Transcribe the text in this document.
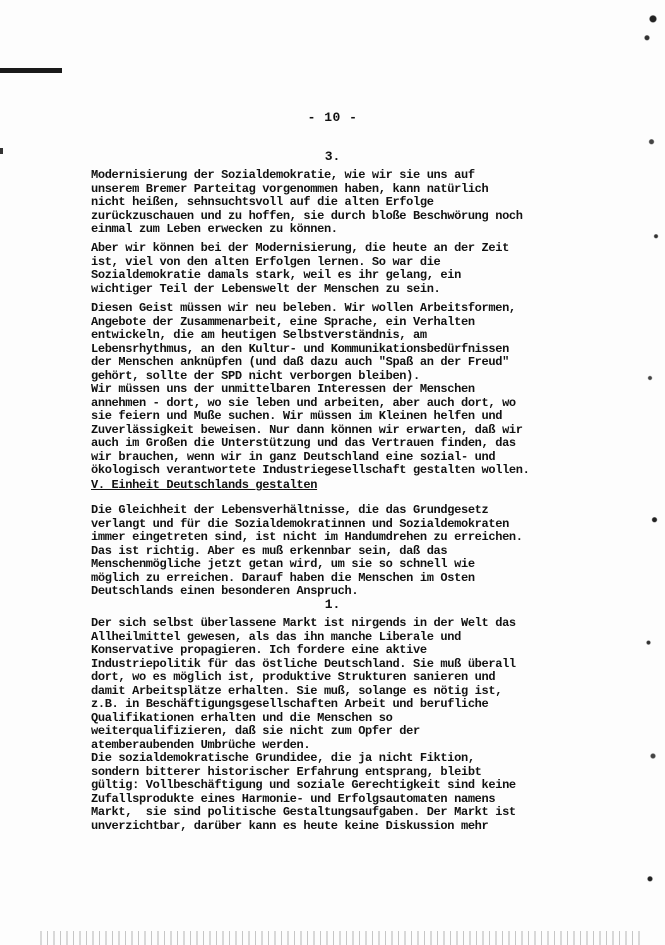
- 10 -
3.

Modernisierung der Sozialdemokratie, wie wir sie uns auf
unserem Bremer Parteitag vorgenommen haben, kann natürlich
nicht heißen, sehnsuchtsvoll auf die alten Erfolge
zurückzuschauen und zu hoffen, sie durch bloße Beschwörung noch
einmal zum Leben erwecken zu können.

Aber wir können bei der Modernisierung, die heute an der Zeit
ist, viel von den alten Erfolgen lernen. So war die
Sozialdemokratie damals stark, weil es ihr gelang, ein
wichtiger Teil der Lebenswelt der Menschen zu sein.

Diesen Geist müssen wir neu beleben. Wir wollen Arbeitsformen,
Angebote der Zusammenarbeit, eine Sprache, ein Verhalten
entwickeln, die am heutigen Selbstverständnis, am
Lebensrhythmus, an den Kultur- und Kommunikationsbedürfnissen
der Menschen anknüpfen (und daß dazu auch "Spaß an der Freud"
gehört, sollte der SPD nicht verborgen bleiben).

Wir müssen uns der unmittelbaren Interessen der Menschen
annehmen - dort, wo sie leben und arbeiten, aber auch dort, wo
sie feiern und Muße suchen. Wir müssen im Kleinen helfen und
Zuverlässigkeit beweisen. Nur dann können wir erwarten, daß wir
auch im Großen die Unterstützung und das Vertrauen finden, das
wir brauchen, wenn wir in ganz Deutschland eine sozial- und
ökologisch verantwortete Industriegesellschaft gestalten wollen.

V. Einheit Deutschlands gestalten

Die Gleichheit der Lebensverhältnisse, die das Grundgesetz
verlangt und für die Sozialdemokratinnen und Sozialdemokraten
immer eingetreten sind, ist nicht im Handumdrehen zu erreichen.
Das ist richtig. Aber es muß erkennbar sein, daß das
Menschenmögliche jetzt getan wird, um sie so schnell wie
möglich zu erreichen. Darauf haben die Menschen im Osten
Deutschlands einen besonderen Anspruch.

1.

Der sich selbst überlassene Markt ist nirgends in der Welt das
Allheilmittel gewesen, als das ihn manche Liberale und
Konservative propagieren. Ich fordere eine aktive
Industriepolitik für das östliche Deutschland. Sie muß überall
dort, wo es möglich ist, produktive Strukturen sanieren und
damit Arbeitsplätze erhalten. Sie muß, solange es nötig ist,
z.B. in Beschäftigungsgesellschaften Arbeit und berufliche
Qualifikationen erhalten und die Menschen so
weiterqualifizieren, daß sie nicht zum Opfer der
atemberaubenden Umbrüche werden.

Die sozialdemokratische Grundidee, die ja nicht Fiktion,
sondern bitterer historischer Erfahrung entsprang, bleibt
gültig: Vollbeschäftigung und soziale Gerechtigkeit sind keine
Zufallsprodukte eines Harmonie- und Erfolgsautomaten namens
Markt,  sie sind politische Gestaltungsaufgaben. Der Markt ist
unverzichtbar, darüber kann es heute keine Diskussion mehr
